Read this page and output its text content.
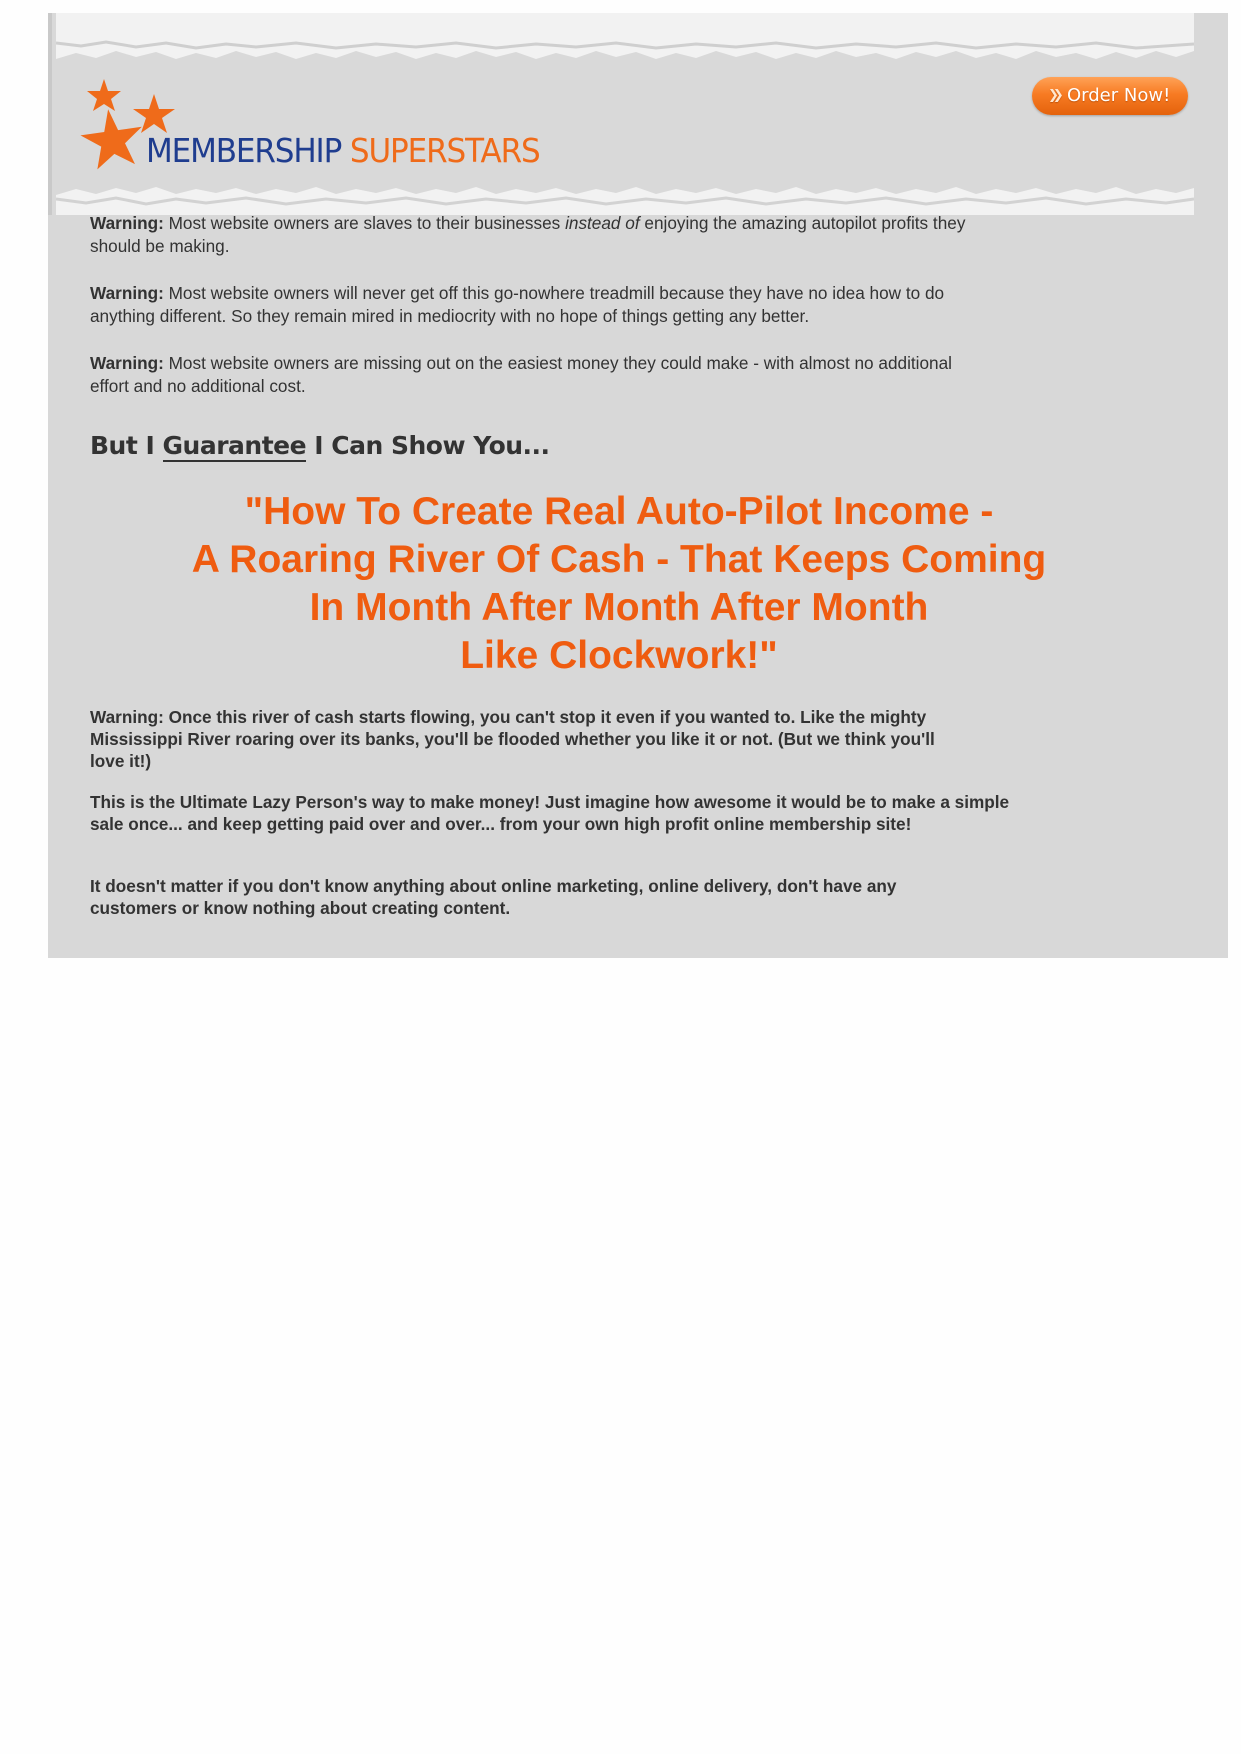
MEMBERSHIP SUPERSTARS
❯❯ Order Now!

Warning: Most website owners are slaves to their businesses instead of enjoying the amazing autopilot profits they should be making.

Warning: Most website owners will never get off this go-nowhere treadmill because they have no idea how to do anything different. So they remain mired in mediocrity with no hope of things getting any better.

Warning: Most website owners are missing out on the easiest money they could make - with almost no additional effort and no additional cost.

But I Guarantee I Can Show You...
"How To Create Real Auto-Pilot Income -
A Roaring River Of Cash - That Keeps Coming
In Month After Month After Month
Like Clockwork!"

Warning: Once this river of cash starts flowing, you can't stop it even if you wanted to. Like the mighty Mississippi River roaring over its banks, you'll be flooded whether you like it or not. (But we think you'll love it!)

This is the Ultimate Lazy Person's way to make money! Just imagine how awesome it would be to make a simple sale once... and keep getting paid over and over... from your own high profit online membership site!

It doesn't matter if you don't know anything about online marketing, online delivery, don't have any customers or know nothing about creating content.
